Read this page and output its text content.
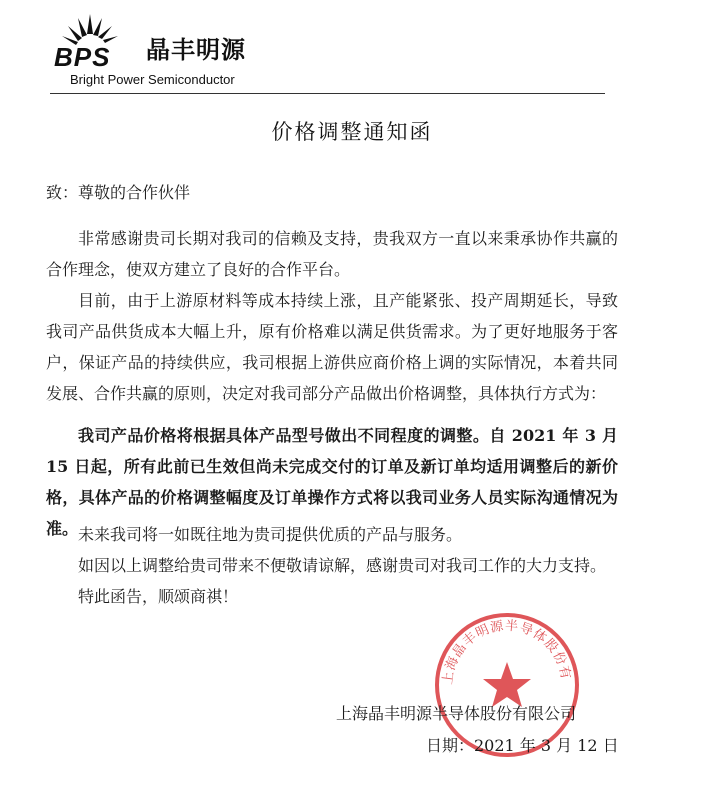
BPS 晶丰明源
Bright Power Semiconductor
价格调整通知函
致：尊敬的合作伙伴

非常感谢贵司长期对我司的信赖及支持，贵我双方一直以来秉承协作共赢的合作理念，使双方建立了良好的合作平台。

目前，由于上游原材料等成本持续上涨，且产能紧张、投产周期延长，导致我司产品供货成本大幅上升，原有价格难以满足供货需求。为了更好地服务于客户，保证产品的持续供应，我司根据上游供应商价格上调的实际情况，本着共同发展、合作共赢的原则，决定对我司部分产品做出价格调整，具体执行方式为：

我司产品价格将根据具体产品型号做出不同程度的调整。自 2021 年 3 月 15 日起，所有此前已生效但尚未完成交付的订单及新订单均适用调整后的新价格，具体产品的价格调整幅度及订单操作方式将以我司业务人员实际沟通情况为准。 未来我司将一如既往地为贵司提供优质的产品与服务。

如因以上调整给贵司带来不便敬请谅解，感谢贵司对我司工作的大力支持。

特此函告，顺颂商祺！

上海晶丰明源半导体股份有
上海晶丰明源半导体股份有限公司
日期：2021 年 3 月 12 日
